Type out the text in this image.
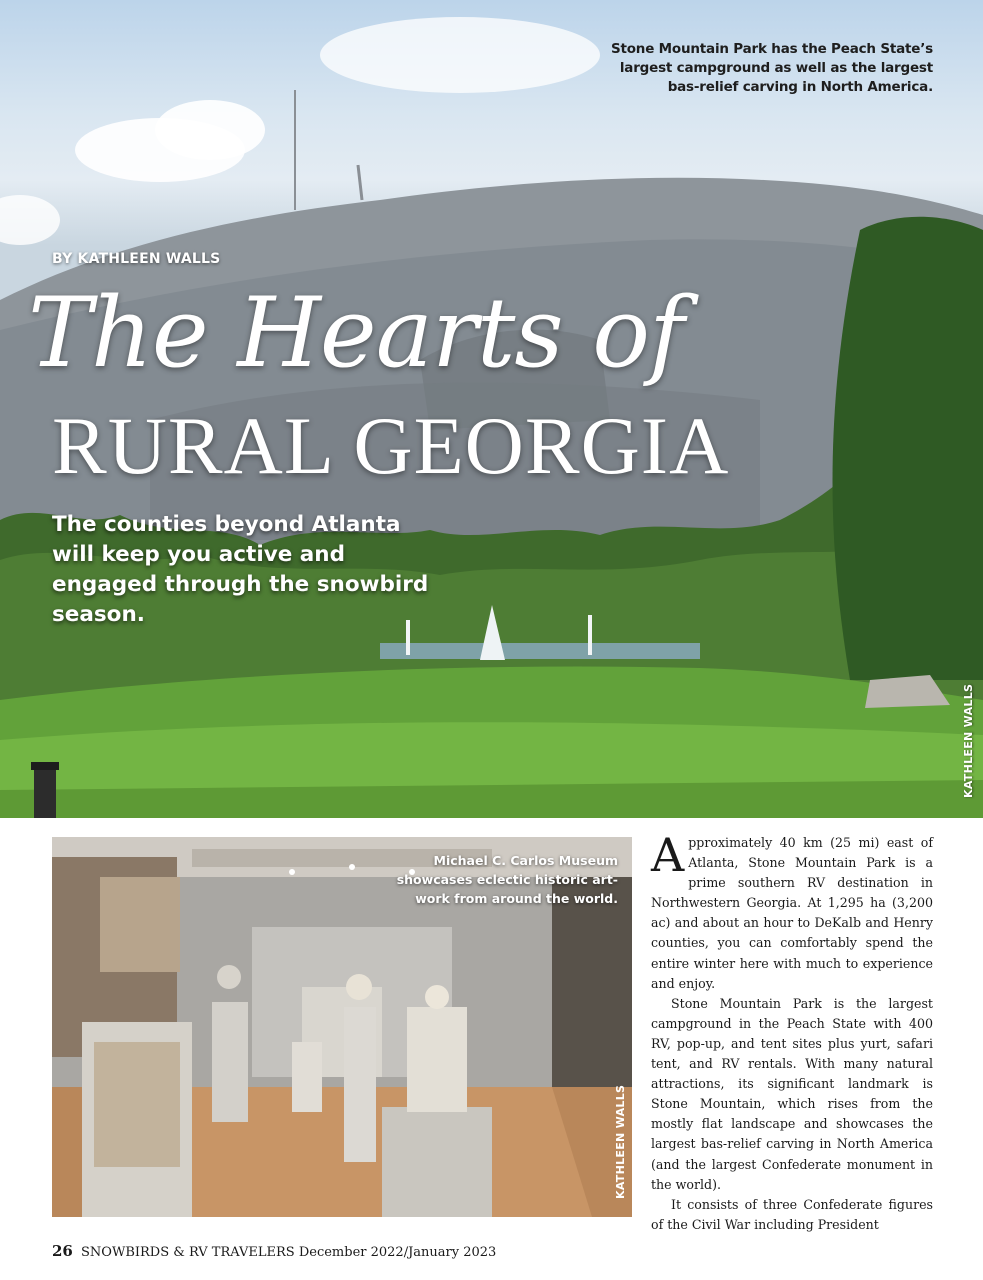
Stone Mountain Park has the Peach State’s
largest campground as well as the largest
bas-relief carving in North America.
BY KATHLEEN WALLS
The Hearts of
RURAL GEORGIA
The counties beyond Atlanta will keep you active and engaged through the snowbird season.
KATHLEEN WALLS
Michael C. Carlos Museum
showcases eclectic historic art-
work from around the world.
KATHLEEN WALLS

Approximately 40 km (25 mi) east of Atlanta, Stone Mountain Park is a prime southern RV destination in Northwestern Georgia. At 1,295 ha (3,200 ac) and about an hour to DeKalb and Henry counties, you can comfortably spend the entire winter here with much to experience and enjoy.

Stone Mountain Park is the largest campground in the Peach State with 400 RV, pop-up, and tent sites plus yurt, safari tent, and RV rentals. With many natural attractions, its significant landmark is Stone Mountain, which rises from the mostly flat landscape and showcases the largest bas-relief carving in North America (and the largest Confederate monument in the world).

It consists of three Confederate figures of the Civil War including President

26 SNOWBIRDS & RV TRAVELERS December 2022/January 2023
